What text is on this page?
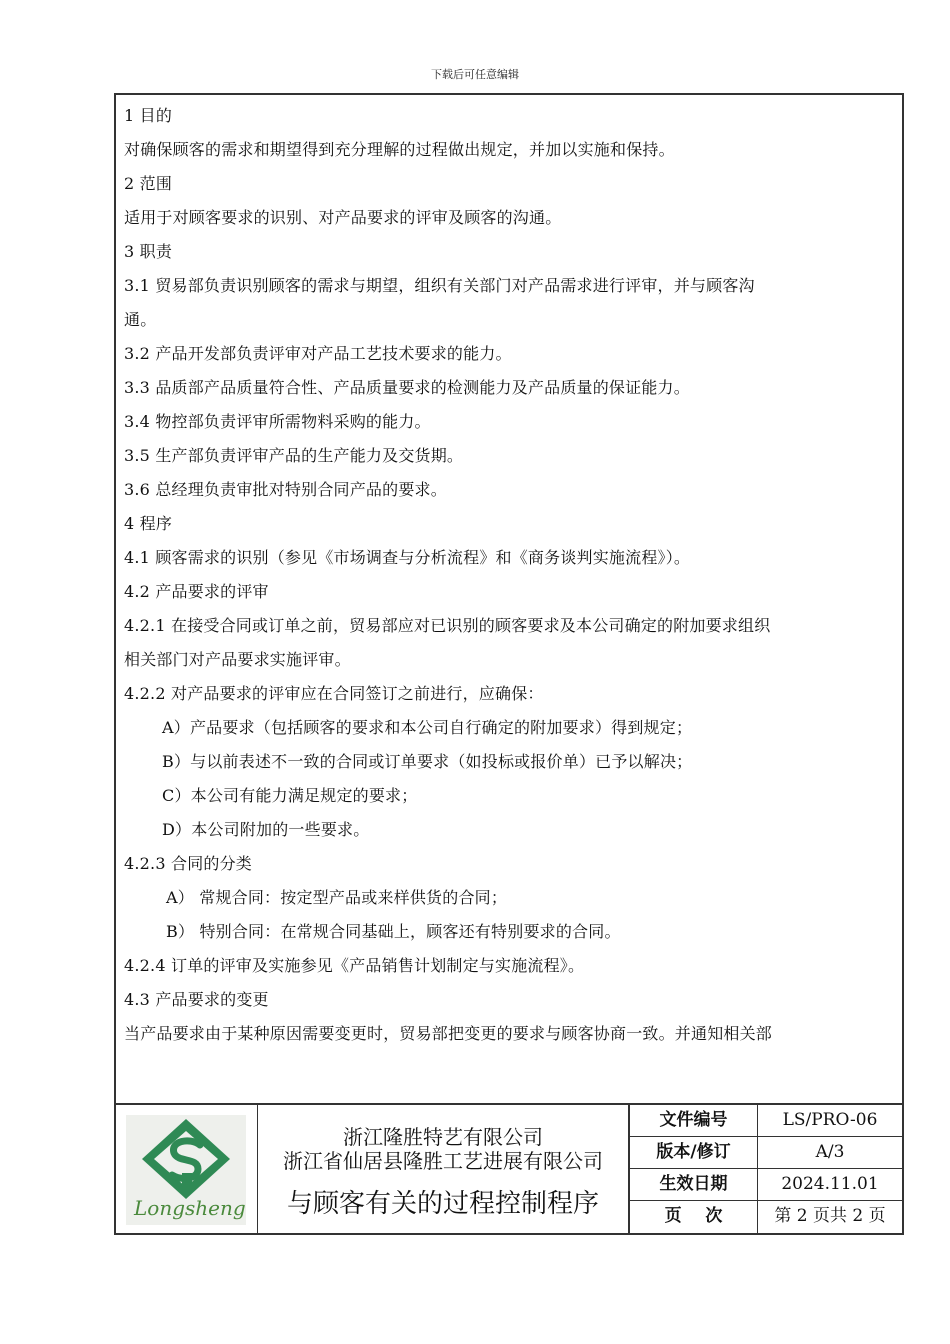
下载后可任意编辑
1 目的
对确保顾客的需求和期望得到充分理解的过程做出规定，并加以实施和保持。
2 范围
适用于对顾客要求的识别、对产品要求的评审及顾客的沟通。
3 职责
3.1 贸易部负责识别顾客的需求与期望，组织有关部门对产品需求进行评审，并与顾客沟
通。
3.2 产品开发部负责评审对产品工艺技术要求的能力。
3.3 品质部产品质量符合性、产品质量要求的检测能力及产品质量的保证能力。
3.4 物控部负责评审所需物料采购的能力。
3.5 生产部负责评审产品的生产能力及交货期。
3.6 总经理负责审批对特别合同产品的要求。
4 程序
4.1 顾客需求的识别（参见《市场调查与分析流程》和《商务谈判实施流程》）。
4.2 产品要求的评审
4.2.1 在接受合同或订单之前，贸易部应对已识别的顾客要求及本公司确定的附加要求组织
相关部门对产品要求实施评审。
4.2.2 对产品要求的评审应在合同签订之前进行，应确保：
A）产品要求（包括顾客的要求和本公司自行确定的附加要求）得到规定；
B）与以前表述不一致的合同或订单要求（如投标或报价单）已予以解决；
C）本公司有能力满足规定的要求；
D）本公司附加的一些要求。
4.2.3 合同的分类
A） 常规合同：按定型产品或来样供货的合同；
B） 特别合同：在常规合同基础上，顾客还有特别要求的合同。
4.2.4 订单的评审及实施参见《产品销售计划制定与实施流程》。
4.3 产品要求的变更
当产品要求由于某种原因需要变更时，贸易部把变更的要求与顾客协商一致。并通知相关部
Longsheng
浙江隆胜特艺有限公司
浙江省仙居县隆胜工艺进展有限公司
与顾客有关的过程控制程序
文件编号	LS/PRO-06
版本/修订	A/3
生效日期	2024.11.01
页    次	第 2 页共 2 页
